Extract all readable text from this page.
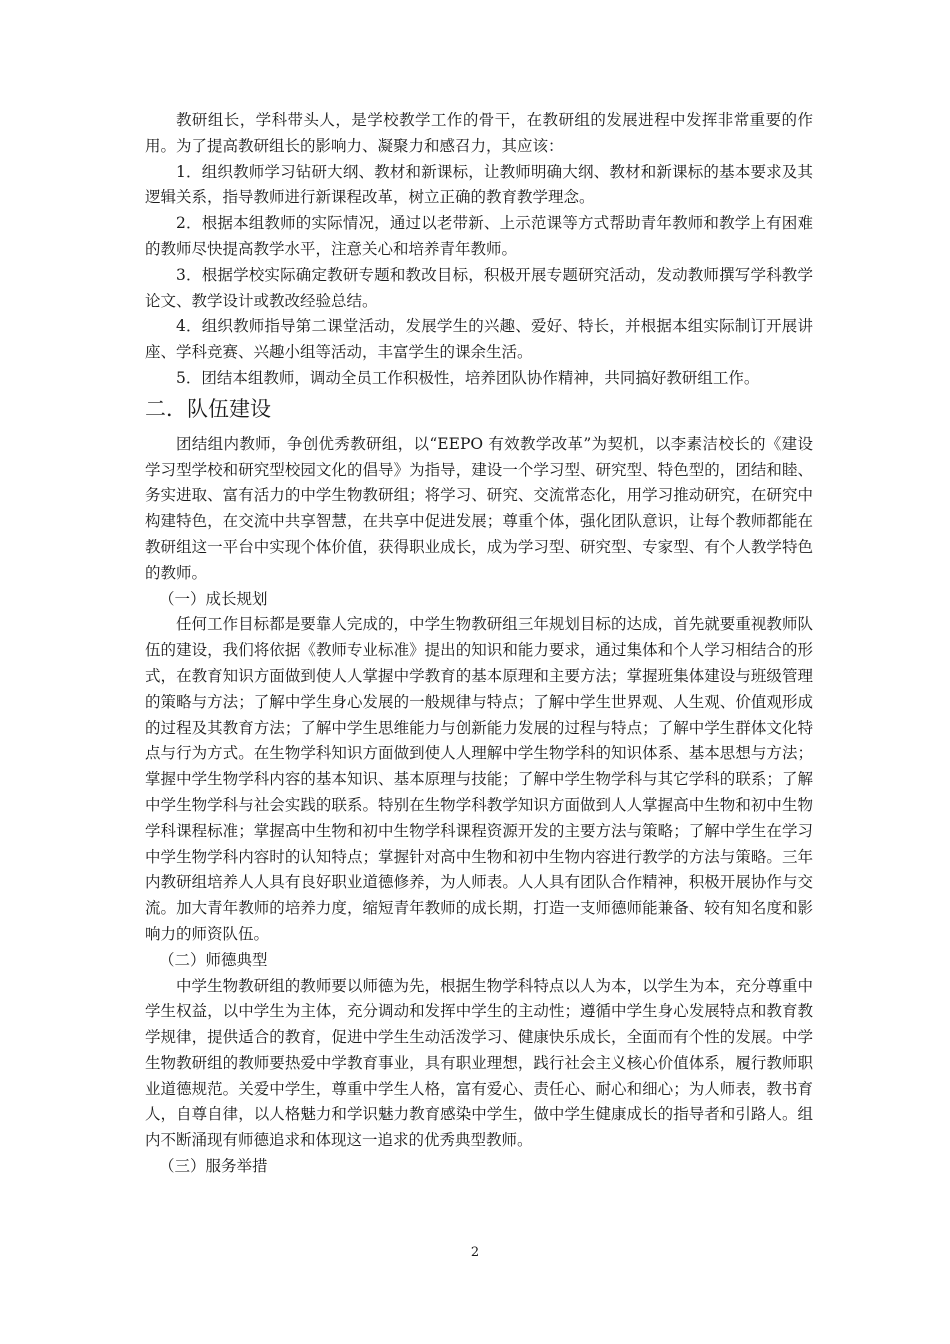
教研组长，学科带头人，是学校教学工作的骨干，在教研组的发展进程中发挥非常重要的作用。为了提高教研组长的影响力、凝聚力和感召力，其应该：

1．组织教师学习钻研大纲、教材和新课标，让教师明确大纲、教材和新课标的基本要求及其逻辑关系，指导教师进行新课程改革，树立正确的教育教学理念。

2．根据本组教师的实际情况，通过以老带新、上示范课等方式帮助青年教师和教学上有困难的教师尽快提高教学水平，注意关心和培养青年教师。

3．根据学校实际确定教研专题和教改目标，积极开展专题研究活动，发动教师撰写学科教学论文、教学设计或教改经验总结。

4．组织教师指导第二课堂活动，发展学生的兴趣、爱好、特长，并根据本组实际制订开展讲座、学科竞赛、兴趣小组等活动，丰富学生的课余生活。

5．团结本组教师，调动全员工作积极性，培养团队协作精神，共同搞好教研组工作。

二．队伍建设

团结组内教师，争创优秀教研组，以“EEPO 有效教学改革”为契机，以李素洁校长的《建设学习型学校和研究型校园文化的倡导》为指导，建设一个学习型、研究型、特色型的，团结和睦、务实进取、富有活力的中学生物教研组；将学习、研究、交流常态化，用学习推动研究，在研究中构建特色，在交流中共享智慧，在共享中促进发展；尊重个体，强化团队意识，让每个教师都能在教研组这一平台中实现个体价值，获得职业成长，成为学习型、研究型、专家型、有个人教学特色的教师。

（一）成长规划

任何工作目标都是要靠人完成的，中学生物教研组三年规划目标的达成，首先就要重视教师队伍的建设，我们将依据《教师专业标准》提出的知识和能力要求，通过集体和个人学习相结合的形式，在教育知识方面做到使人人掌握中学教育的基本原理和主要方法；掌握班集体建设与班级管理的策略与方法；了解中学生身心发展的一般规律与特点；了解中学生世界观、人生观、价值观形成的过程及其教育方法；了解中学生思维能力与创新能力发展的过程与特点；了解中学生群体文化特点与行为方式。在生物学科知识方面做到使人人理解中学生物学科的知识体系、基本思想与方法；掌握中学生物学科内容的基本知识、基本原理与技能；了解中学生物学科与其它学科的联系；了解中学生物学科与社会实践的联系。特别在生物学科教学知识方面做到人人掌握高中生物和初中生物学科课程标准；掌握高中生物和初中生物学科课程资源开发的主要方法与策略；了解中学生在学习中学生物学科内容时的认知特点；掌握针对高中生物和初中生物内容进行教学的方法与策略。三年内教研组培养人人具有良好职业道德修养，为人师表。人人具有团队合作精神，积极开展协作与交流。加大青年教师的培养力度，缩短青年教师的成长期，打造一支师德师能兼备、较有知名度和影响力的师资队伍。

（二）师德典型

中学生物教研组的教师要以师德为先，根据生物学科特点以人为本，以学生为本，充分尊重中学生权益，以中学生为主体，充分调动和发挥中学生的主动性；遵循中学生身心发展特点和教育教学规律，提供适合的教育，促进中学生生动活泼学习、健康快乐成长，全面而有个性的发展。中学生物教研组的教师要热爱中学教育事业，具有职业理想，践行社会主义核心价值体系，履行教师职业道德规范。关爱中学生，尊重中学生人格，富有爱心、责任心、耐心和细心；为人师表，教书育人，自尊自律，以人格魅力和学识魅力教育感染中学生，做中学生健康成长的指导者和引路人。组内不断涌现有师德追求和体现这一追求的优秀典型教师。

（三）服务举措
2
